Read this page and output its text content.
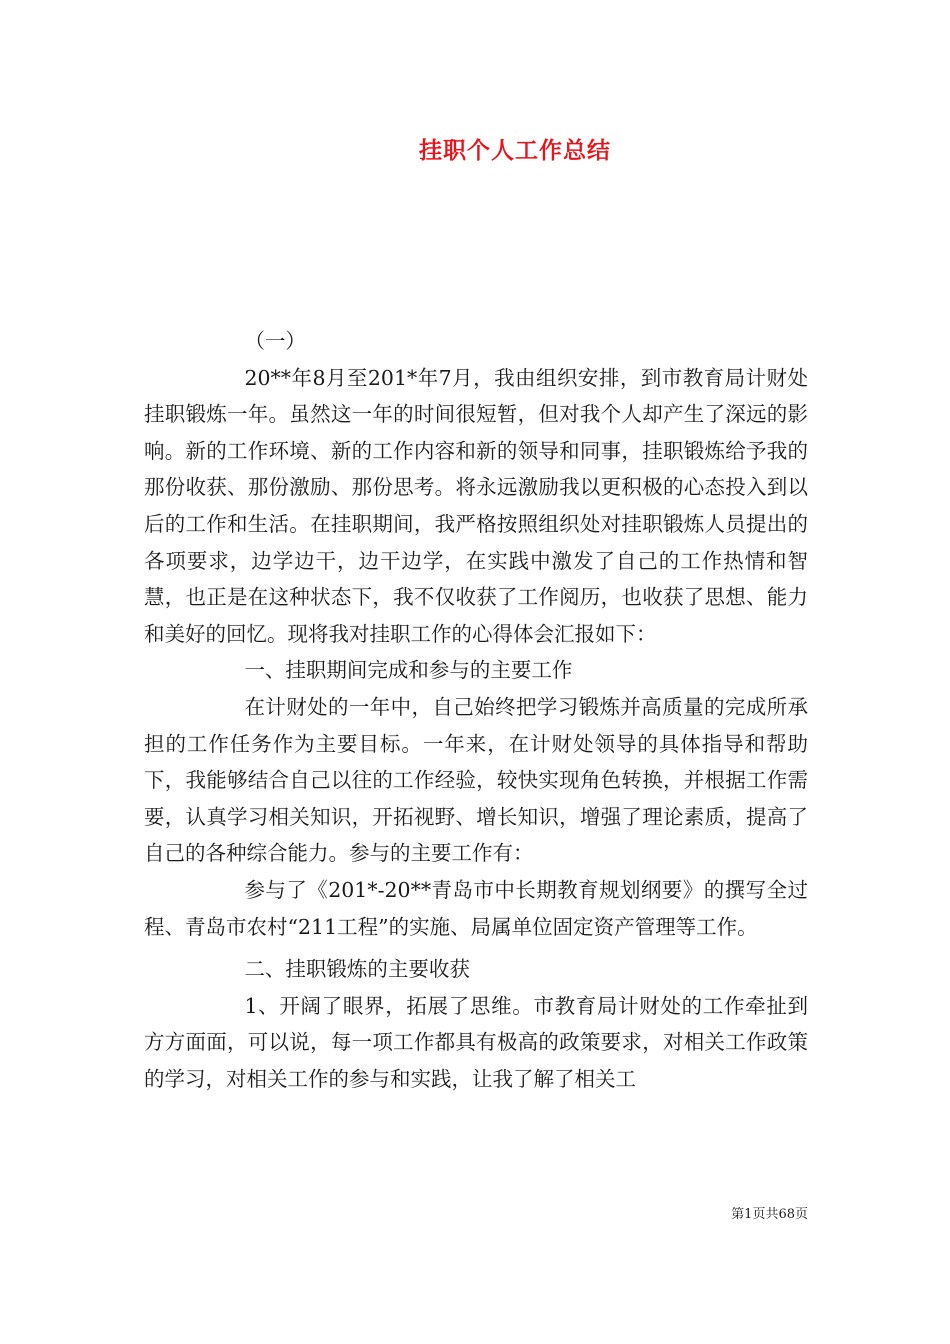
挂职个人工作总结

（一）

20**年8月至201*年7月，我由组织安排，到市教育局计财处挂职锻炼一年。虽然这一年的时间很短暂，但对我个人却产生了深远的影响。新的工作环境、新的工作内容和新的领导和同事，挂职锻炼给予我的那份收获、那份激励、那份思考。将永远激励我以更积极的心态投入到以后的工作和生活。在挂职期间，我严格按照组织处对挂职锻炼人员提出的各项要求，边学边干，边干边学，在实践中激发了自己的工作热情和智慧，也正是在这种状态下，我不仅收获了工作阅历，也收获了思想、能力和美好的回忆。现将我对挂职工作的心得体会汇报如下：

一、挂职期间完成和参与的主要工作

在计财处的一年中，自己始终把学习锻炼并高质量的完成所承担的工作任务作为主要目标。一年来，在计财处领导的具体指导和帮助下，我能够结合自己以往的工作经验，较快实现角色转换，并根据工作需要，认真学习相关知识，开拓视野、增长知识，增强了理论素质，提高了自己的各种综合能力。参与的主要工作有：

参与了《201*-20**青岛市中长期教育规划纲要》的撰写全过程、青岛市农村“211工程”的实施、局属单位固定资产管理等工作。

二、挂职锻炼的主要收获

1、开阔了眼界，拓展了思维。市教育局计财处的工作牵扯到方方面面，可以说，每一项工作都具有极高的政策要求，对相关工作政策的学习，对相关工作的参与和实践，让我了解了相关工

第1页共68页
